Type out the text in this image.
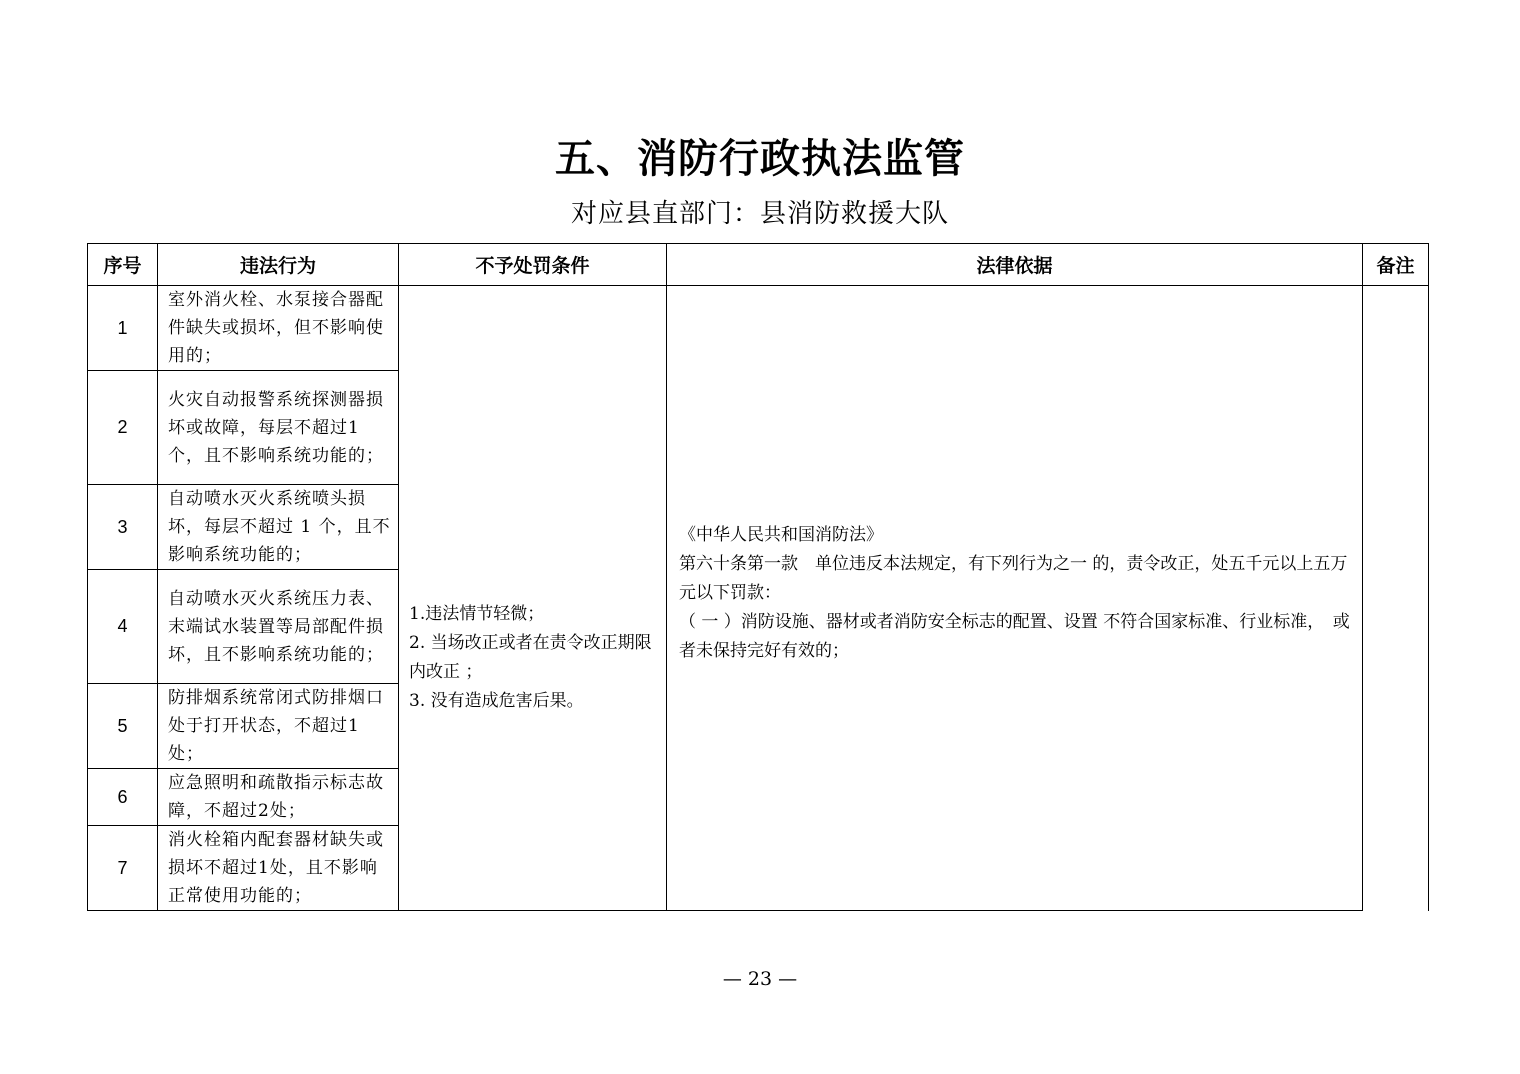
五、消防行政执法监管
对应县直部门：县消防救援大队
序号	违法行为	不予处罚条件	法律依据	备注
1	室外消火栓、水泵接合器配 件缺失或损坏，但不影响使用的；	1.违法情节轻微；
2. 当场改正或者在责令改正期限内改正 ；
3. 没有造成危害后果。	《中华人民共和国消防法》
第六十条第一款　单位违反本法规定，有下列行为之一 的，责令改正，处五千元以上五万元以下罚款：
（ 一 ）消防设施、器材或者消防安全标志的配置、设置 不符合国家标准、行业标准，　或者未保持完好有效的；	

2	火灾自动报警系统探测器损坏或故障，每层不超过1个，且不影响系统功能的；			
3	自动喷水灭火系统喷头损坏，每层不超过 1 个，且不影响系统功能的；			
4	自动喷水灭火系统压力表、末端试水装置等局部配件损坏，且不影响系统功能的；			
5	防排烟系统常闭式防排烟口处于打开状态，不超过1处；			
6	应急照明和疏散指示标志故障，不超过2处；			
7	消火栓箱内配套器材缺失或损坏不超过1处，且不影响正常使用功能的；			
— 23 —
